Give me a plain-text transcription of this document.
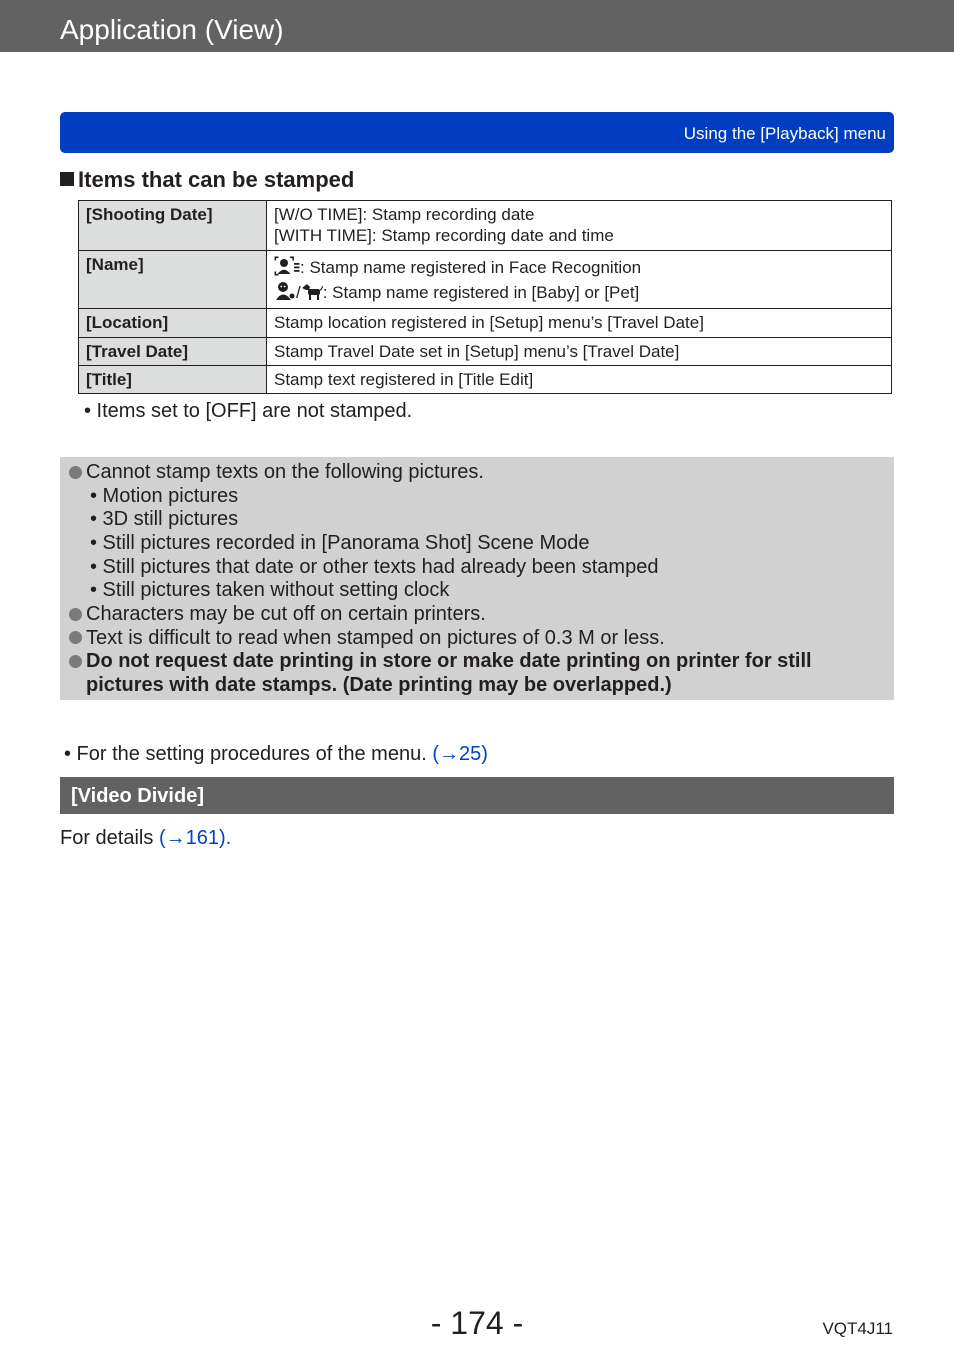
Application (View)
Using the [Playback] menu
Items that can be stamped
[Shooting Date]	[W/O TIME]: Stamp recording date
[WITH TIME]: Stamp recording date and time

[Name]	: Stamp name registered in Face Recognition
/ : Stamp name registered in [Baby] or [Pet]

[Location]	Stamp location registered in [Setup] menu’s [Travel Date]
[Travel Date]	Stamp Travel Date set in [Setup] menu’s [Travel Date]
[Title]	Stamp text registered in [Title Edit]
• Items set to [OFF] are not stamped.
Cannot stamp texts on the following pictures.
• Motion pictures
• 3D still pictures
• Still pictures recorded in [Panorama Shot] Scene Mode
• Still pictures that date or other texts had already been stamped
• Still pictures taken without setting clock
Characters may be cut off on certain printers.
Text is difficult to read when stamped on pictures of 0.3 M or less.
Do not request date printing in store or make date printing on printer for still
pictures with date stamps. (Date printing may be overlapped.)
• For the setting procedures of the menu. (→25)
[Video Divide]
For details (→161).
- 174 -	VQT4J11
